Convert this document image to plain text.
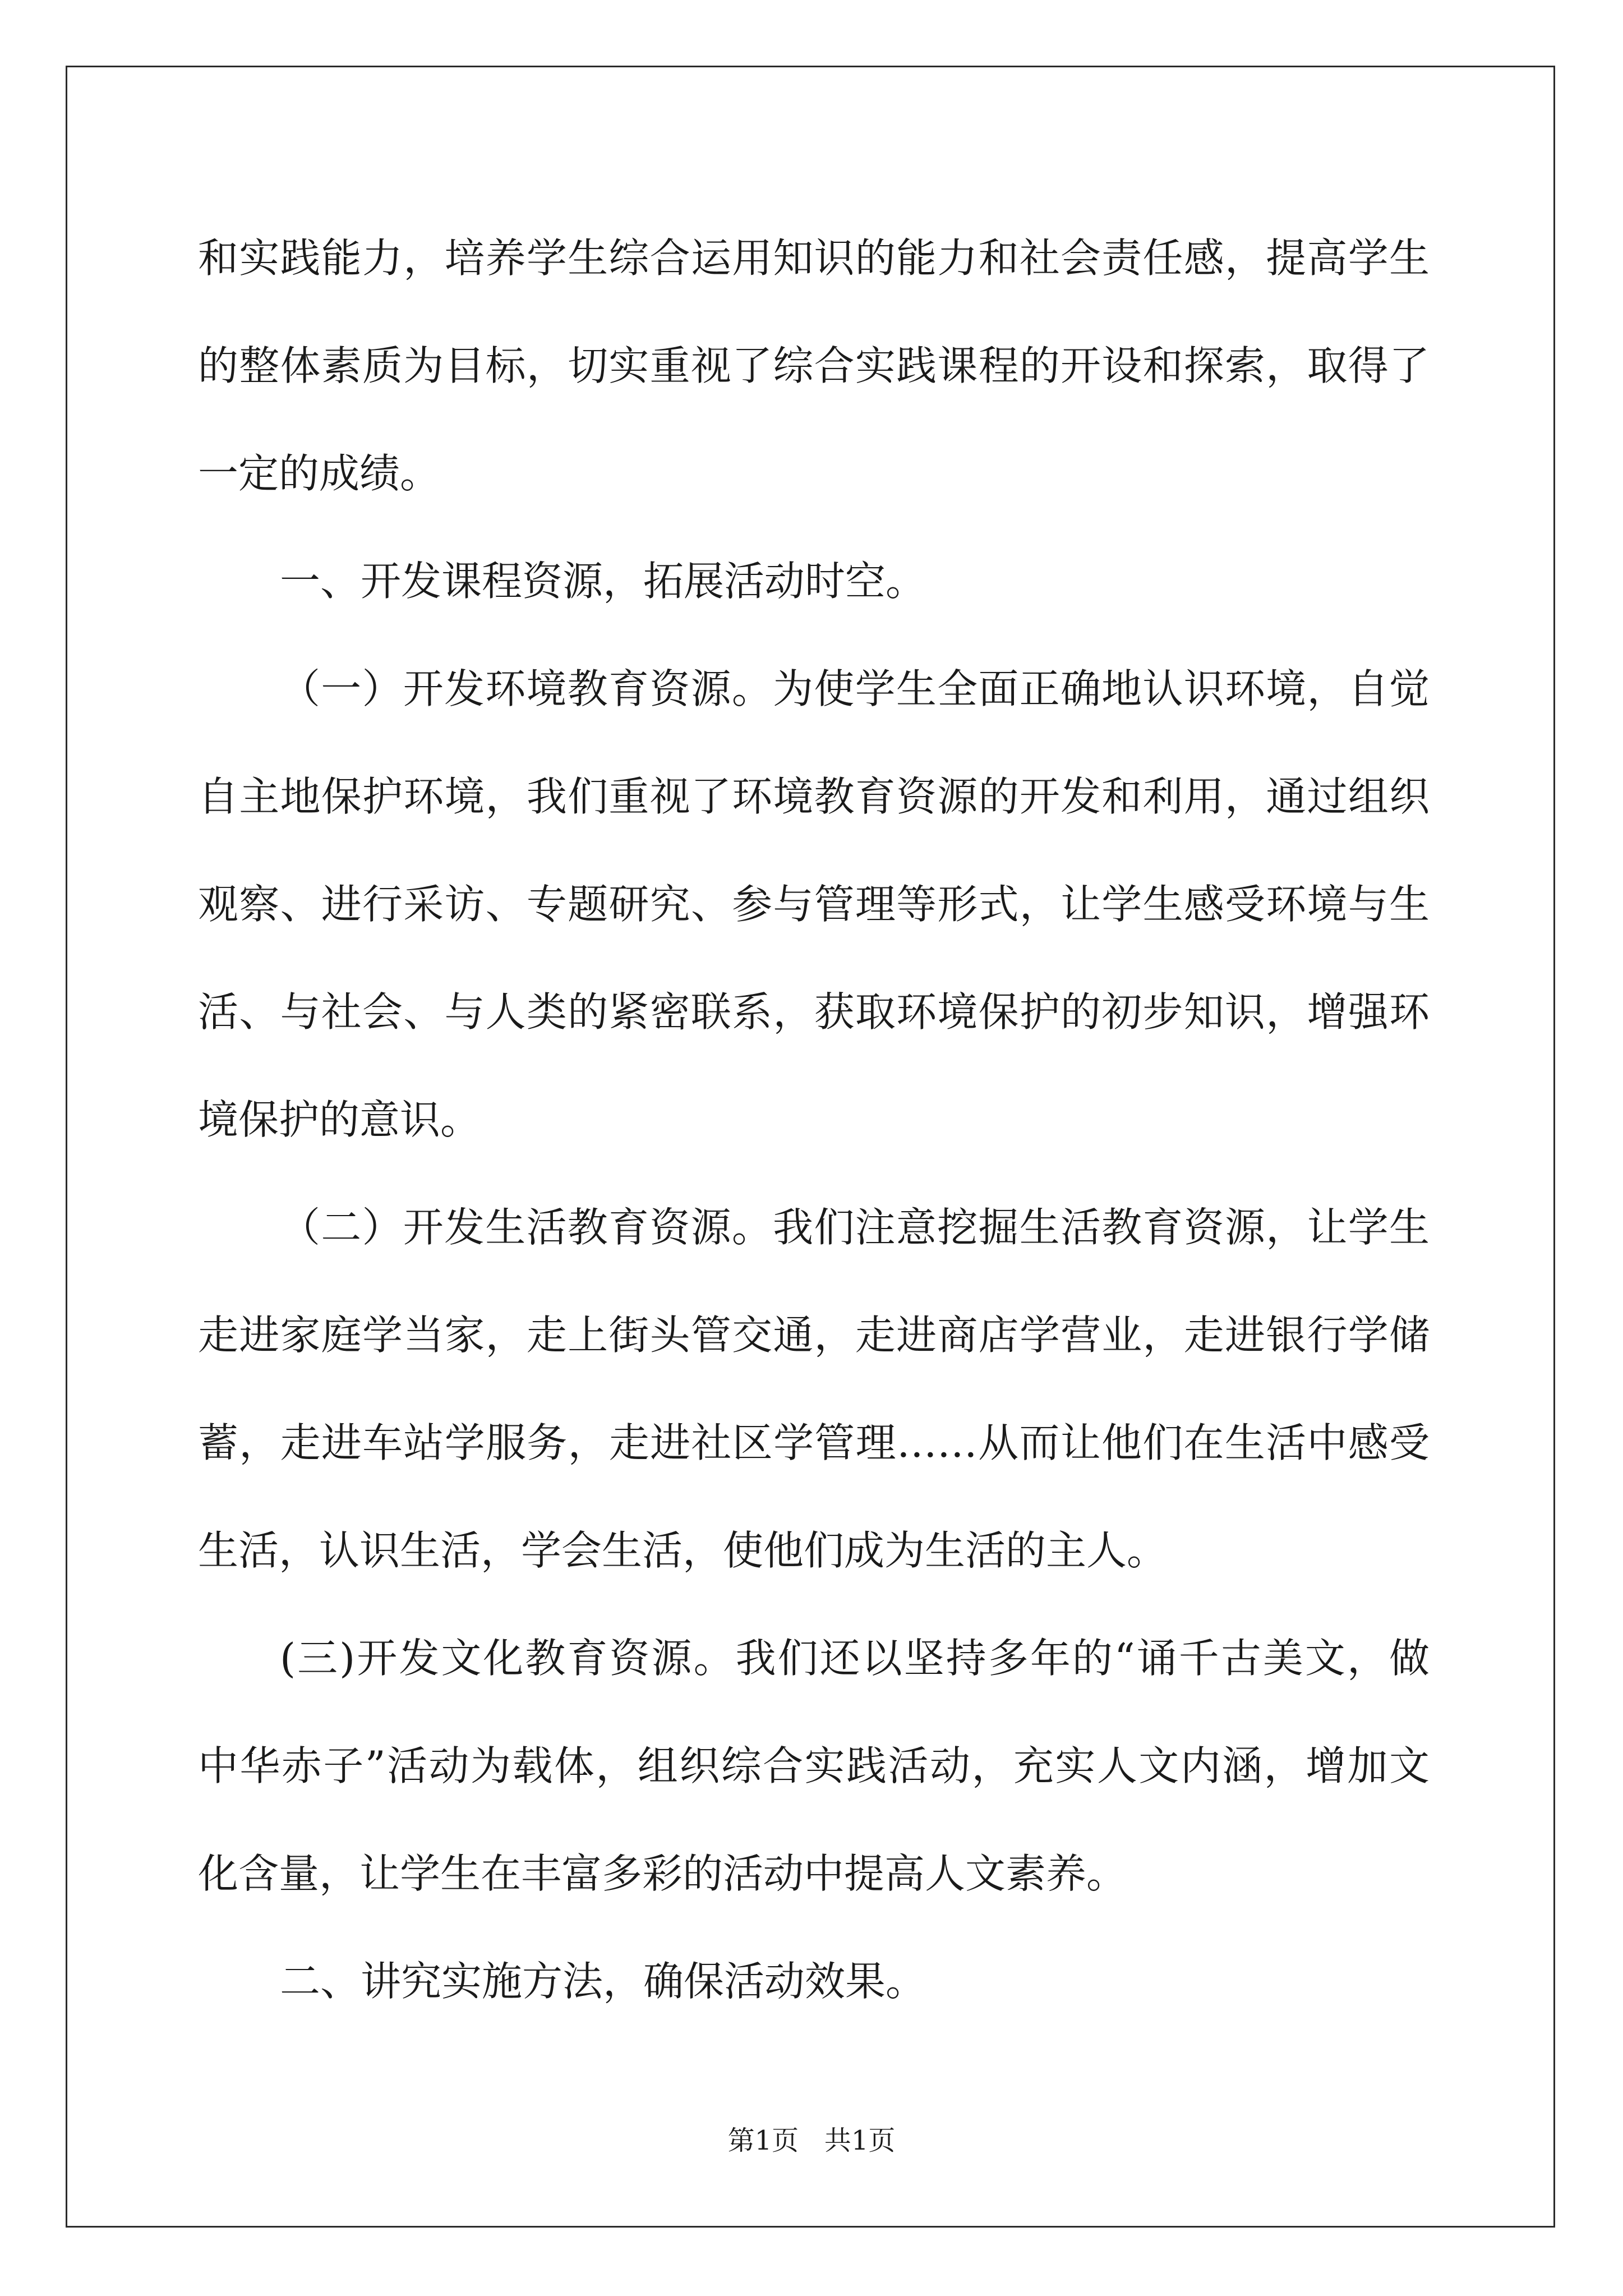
和实践能力，培养学生综合运用知识的能力和社会责任感，提高学生
的整体素质为目标，切实重视了综合实践课程的开设和探索，取得了
一定的成绩。
一、开发课程资源，拓展活动时空。
（一）开发环境教育资源。为使学生全面正确地认识环境，自觉
自主地保护环境，我们重视了环境教育资源的开发和利用，通过组织
观察、进行采访、专题研究、参与管理等形式，让学生感受环境与生
活、与社会、与人类的紧密联系，获取环境保护的初步知识，增强环
境保护的意识。
（二）开发生活教育资源。我们注意挖掘生活教育资源，让学生
走进家庭学当家，走上街头管交通，走进商店学营业，走进银行学储
蓄，走进车站学服务，走进社区学管理……从而让他们在生活中感受
生活，认识生活，学会生活，使他们成为生活的主人。
(三)开发文化教育资源。我们还以坚持多年的“诵千古美文，做
中华赤子”活动为载体，组织综合实践活动，充实人文内涵，增加文
化含量，让学生在丰富多彩的活动中提高人文素养。
二、讲究实施方法，确保活动效果。
第1页 共1页
